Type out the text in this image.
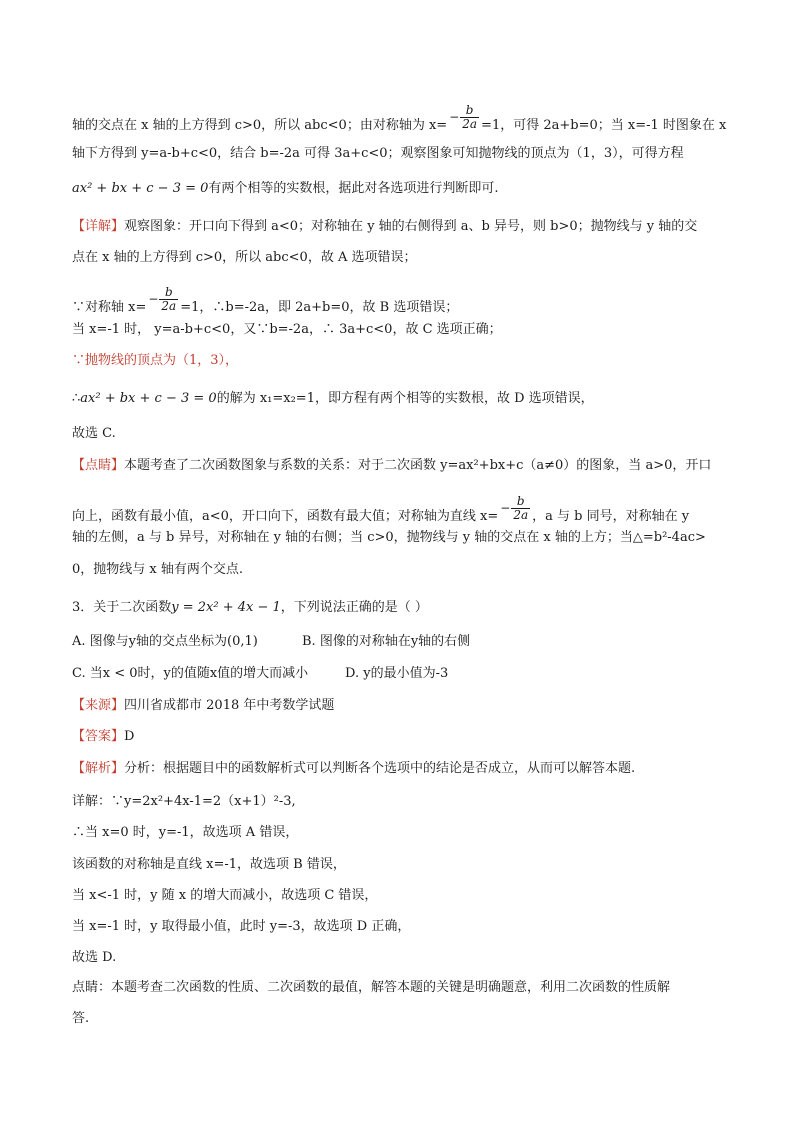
轴的交点在 x 轴的上方得到 c>0，所以 abc<0；由对称轴为 $x=- \frac{b}{2a} =1$，可得 2a+b=0；当 x=-1 时图象在 x
轴下方得到 y=a-b+c<0，结合 b=-2a 可得 3a+c<0；观察图象可知抛物线的顶点为（1，3），可得方程
ax² + bx + c − 3 = 0有两个相等的实数根，据此对各选项进行判断即可.
【详解】观察图象：开口向下得到 a<0；对称轴在 y 轴的右侧得到 a、b 异号，则 b>0；抛物线与 y 轴的交
点在 x 轴的上方得到 c>0，所以 abc<0，故 A 选项错误；
∵对称轴 $x=- \frac{b}{2a} =1$，∴b=-2a，即 2a+b=0，故 B 选项错误；
当 x=-1 时， y=a-b+c<0，又∵b=-2a，∴ 3a+c<0，故 C 选项正确；
∵抛物线的顶点为（1，3），
∴ax² + bx + c − 3 = 0的解为 x₁=x₂=1，即方程有两个相等的实数根，故 D 选项错误，
故选 C.
【点睛】本题考查了二次函数图象与系数的关系：对于二次函数 y=ax²+bx+c（a≠0）的图象，当 a>0，开口
向上，函数有最小值，a<0，开口向下，函数有最大值；对称轴为直线 $x=- \frac{b}{2a}$ ，a 与 b 同号，对称轴在 y
轴的左侧，a 与 b 异号，对称轴在 y 轴的右侧；当 c>0，抛物线与 y 轴的交点在 x 轴的上方；当△=b²-4ac>
0，抛物线与 x 轴有两个交点.
3．关于二次函数y = 2x² + 4x − 1，下列说法正确的是（ ）
A. 图像与y轴的交点坐标为(0,1)	B. 图像的对称轴在y轴的右侧
C. 当x < 0时，y的值随x值的增大而减小	D. y的最小值为-3
【来源】四川省成都市 2018 年中考数学试题
【答案】D
【解析】分析：根据题目中的函数解析式可以判断各个选项中的结论是否成立，从而可以解答本题.
详解：∵y=2x²+4x-1=2（x+1）²-3,
∴当 x=0 时，y=-1，故选项 A 错误，
该函数的对称轴是直线 x=-1，故选项 B 错误，
当 x<-1 时，y 随 x 的增大而减小，故选项 C 错误，
当 x=-1 时，y 取得最小值，此时 y=-3，故选项 D 正确，
故选 D.
点睛：本题考查二次函数的性质、二次函数的最值，解答本题的关键是明确题意，利用二次函数的性质解
答.
